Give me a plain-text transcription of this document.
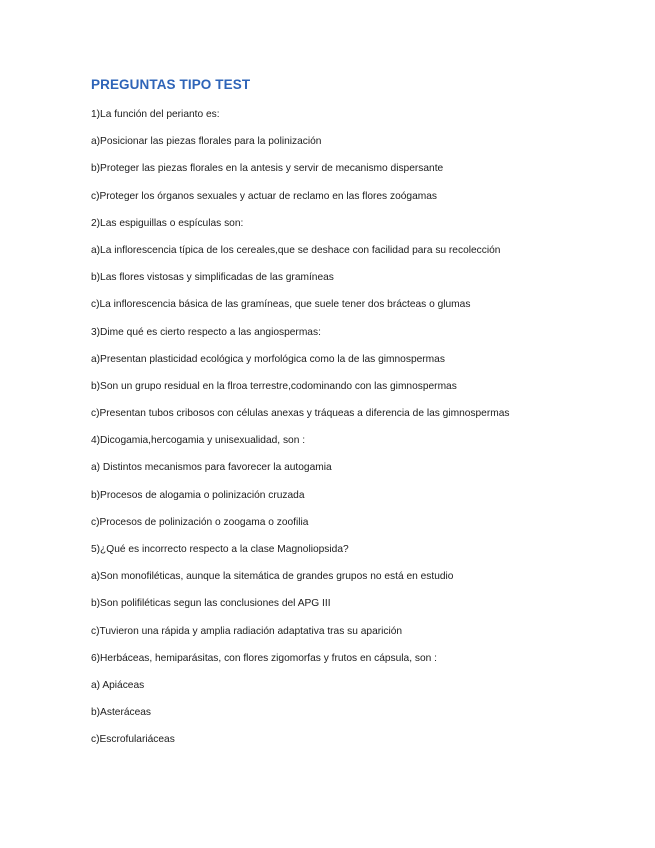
PREGUNTAS TIPO TEST
1)La función del perianto es:
a)Posicionar las piezas florales para la polinización
b)Proteger las piezas florales en la antesis y servir de mecanismo dispersante
c)Proteger los órganos sexuales y actuar de reclamo en las flores zoógamas
2)Las espiguillas o espículas son:
a)La inflorescencia típica de los cereales,que se deshace con facilidad para su recolección
b)Las flores vistosas y simplificadas de las gramíneas
c)La inflorescencia básica de las gramíneas, que suele tener dos brácteas o glumas
3)Dime qué es cierto respecto a las angiospermas:
a)Presentan plasticidad ecológica y morfológica como la de las gimnospermas
b)Son un grupo residual en la flroa terrestre,codominando con las gimnospermas
c)Presentan tubos cribosos con células anexas y tráqueas a diferencia de las gimnospermas
4)Dicogamia,hercogamia y unisexualidad, son :
a) Distintos mecanismos para favorecer la autogamia
b)Procesos de alogamia o polinización cruzada
c)Procesos de polinización o zoogama o zoofilia
5)¿Qué es incorrecto respecto a la clase Magnoliopsida?
a)Son monofiléticas, aunque la sitemática de grandes grupos no está en estudio
b)Son polifiléticas segun las conclusiones del APG III
c)Tuvieron una rápida y amplia radiación adaptativa tras su aparición
6)Herbáceas, hemiparásitas, con flores zigomorfas y frutos en cápsula, son :
a) Apiáceas
b)Asteráceas
c)Escrofulariáceas
